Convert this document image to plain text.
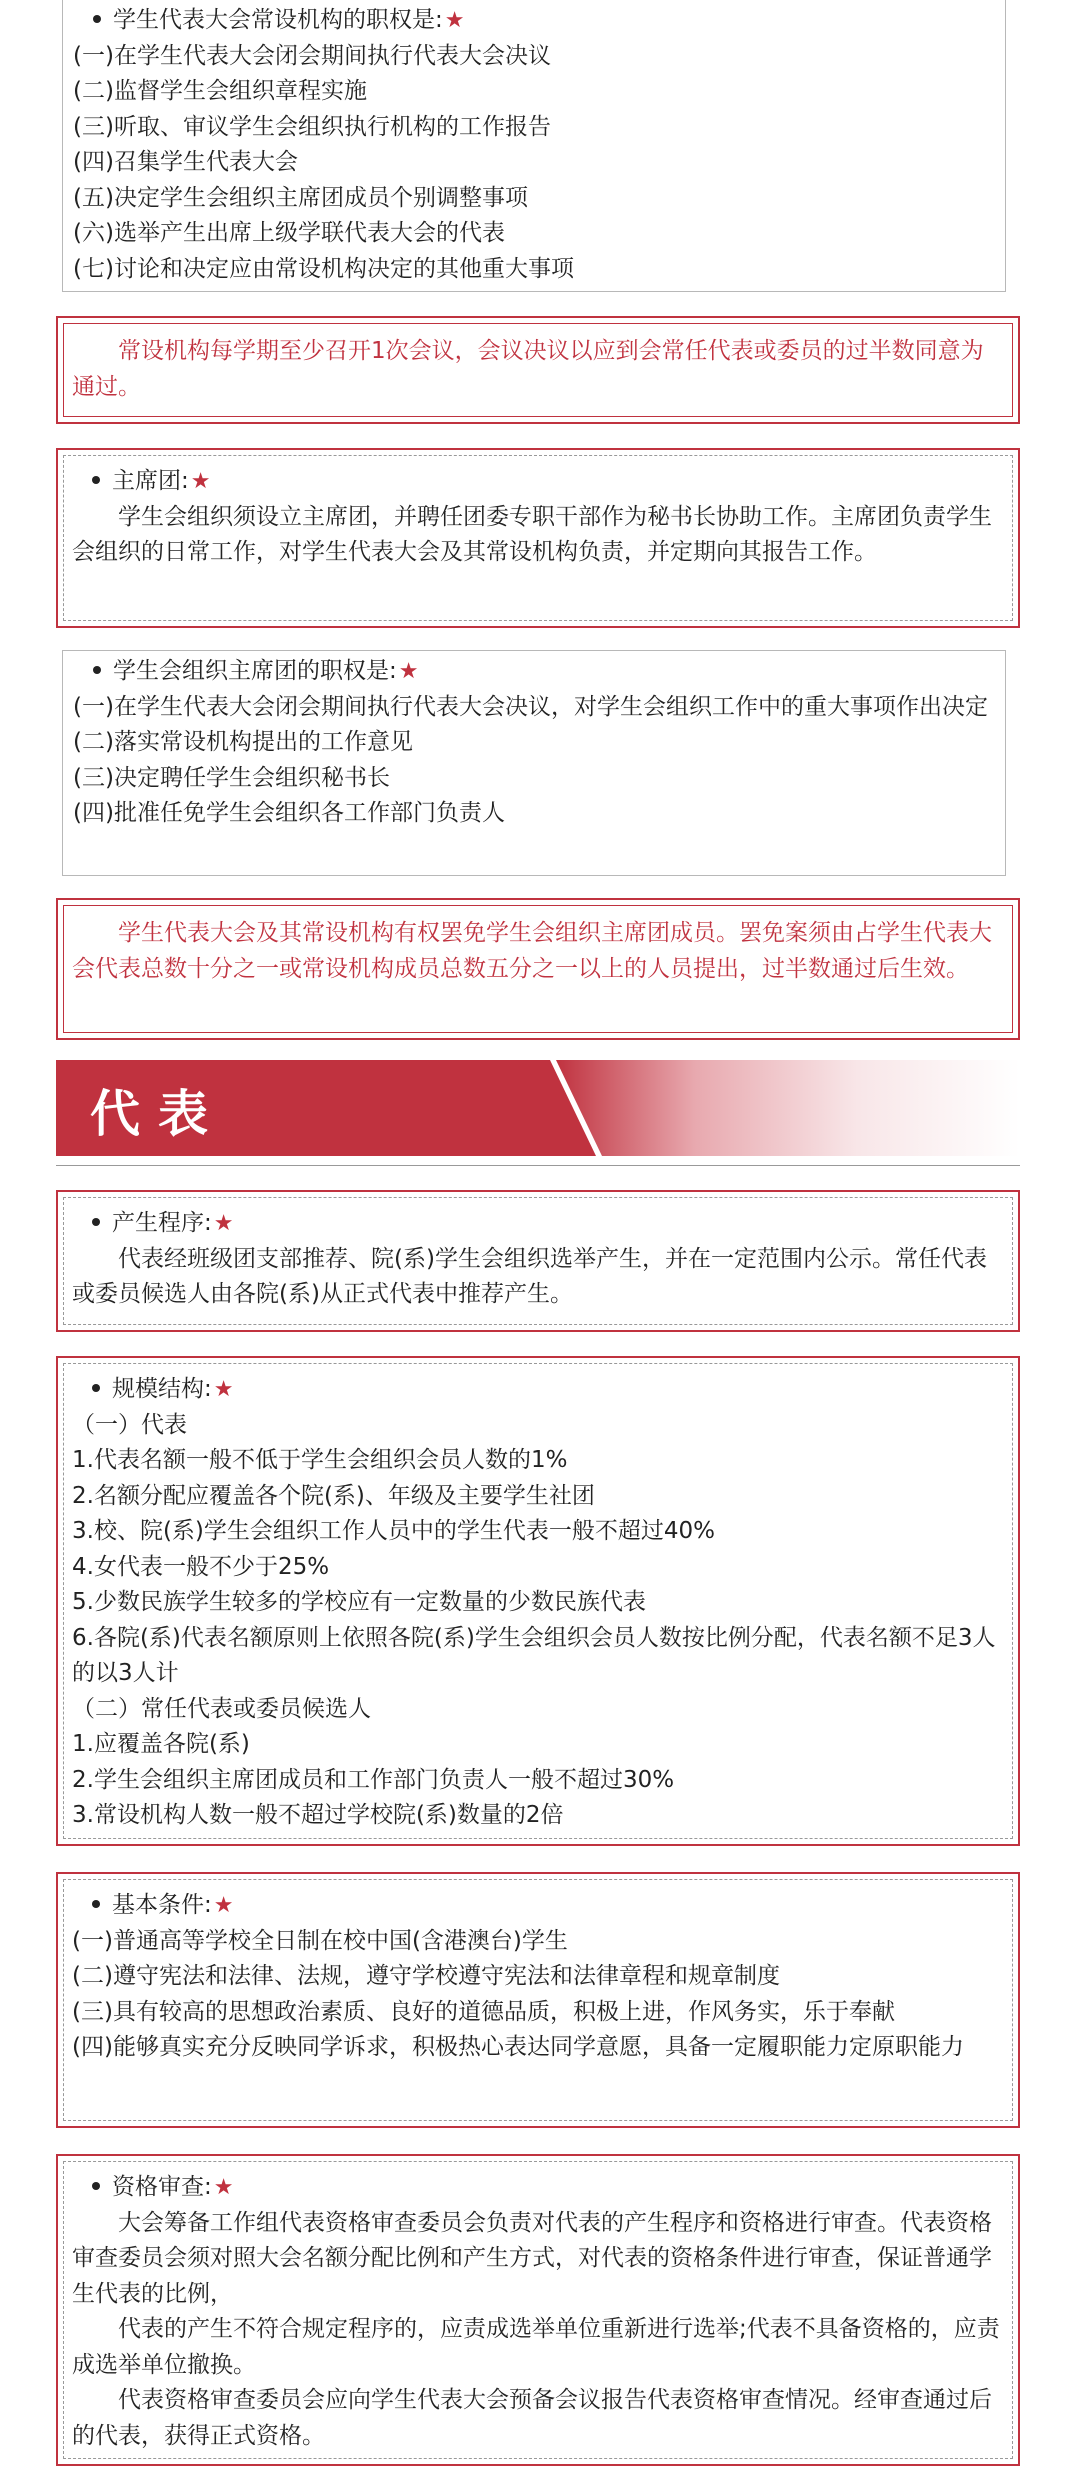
学生代表大会常设机构的职权是:★
(一)在学生代表大会闭会期间执行代表大会决议
(二)监督学生会组织章程实施
(三)听取、审议学生会组织执行机构的工作报告
(四)召集学生代表大会
(五)决定学生会组织主席团成员个别调整事项
(六)选举产生出席上级学联代表大会的代表
(七)讨论和决定应由常设机构决定的其他重大事项
常设机构每学期至少召开1次会议，会议决议以应到会常任代表或委员的过半数同意为通过。
主席团:★
学生会组织须设立主席团，并聘任团委专职干部作为秘书长协助工作。主席团负责学生会组织的日常工作，对学生代表大会及其常设机构负责，并定期向其报告工作。
学生会组织主席团的职权是:★
(一)在学生代表大会闭会期间执行代表大会决议，对学生会组织工作中的重大事项作出决定
(二)落实常设机构提出的工作意见
(三)决定聘任学生会组织秘书长
(四)批准任免学生会组织各工作部门负责人
学生代表大会及其常设机构有权罢免学生会组织主席团成员。罢免案须由占学生代表大会代表总数十分之一或常设机构成员总数五分之一以上的人员提出，过半数通过后生效。
代表
产生程序:★
代表经班级团支部推荐、院(系)学生会组织选举产生，并在一定范围内公示。常任代表或委员候选人由各院(系)从正式代表中推荐产生。
规模结构:★
（一）代表
1.代表名额一般不低于学生会组织会员人数的1%
2.名额分配应覆盖各个院(系)、年级及主要学生社团
3.校、院(系)学生会组织工作人员中的学生代表一般不超过40%
4.女代表一般不少于25%
5.少数民族学生较多的学校应有一定数量的少数民族代表
6.各院(系)代表名额原则上依照各院(系)学生会组织会员人数按比例分配，代表名额不足3人的以3人计
（二）常任代表或委员候选人
1.应覆盖各院(系)
2.学生会组织主席团成员和工作部门负责人一般不超过30%
3.常设机构人数一般不超过学校院(系)数量的2倍
基本条件:★
(一)普通高等学校全日制在校中国(含港澳台)学生
(二)遵守宪法和法律、法规，遵守学校遵守宪法和法律章程和规章制度
(三)具有较高的思想政治素质、良好的道德品质，积极上进，作风务实，乐于奉献
(四)能够真实充分反映同学诉求，积极热心表达同学意愿，具备一定履职能力定原职能力
资格审查:★
大会筹备工作组代表资格审查委员会负责对代表的产生程序和资格进行审查。代表资格审查委员会须对照大会名额分配比例和产生方式，对代表的资格条件进行审查，保证普通学生代表的比例，
代表的产生不符合规定程序的，应责成选举单位重新进行选举;代表不具备资格的，应责成选举单位撤换。
代表资格审查委员会应向学生代表大会预备会议报告代表资格审查情况。经审查通过后的代表，获得正式资格。
